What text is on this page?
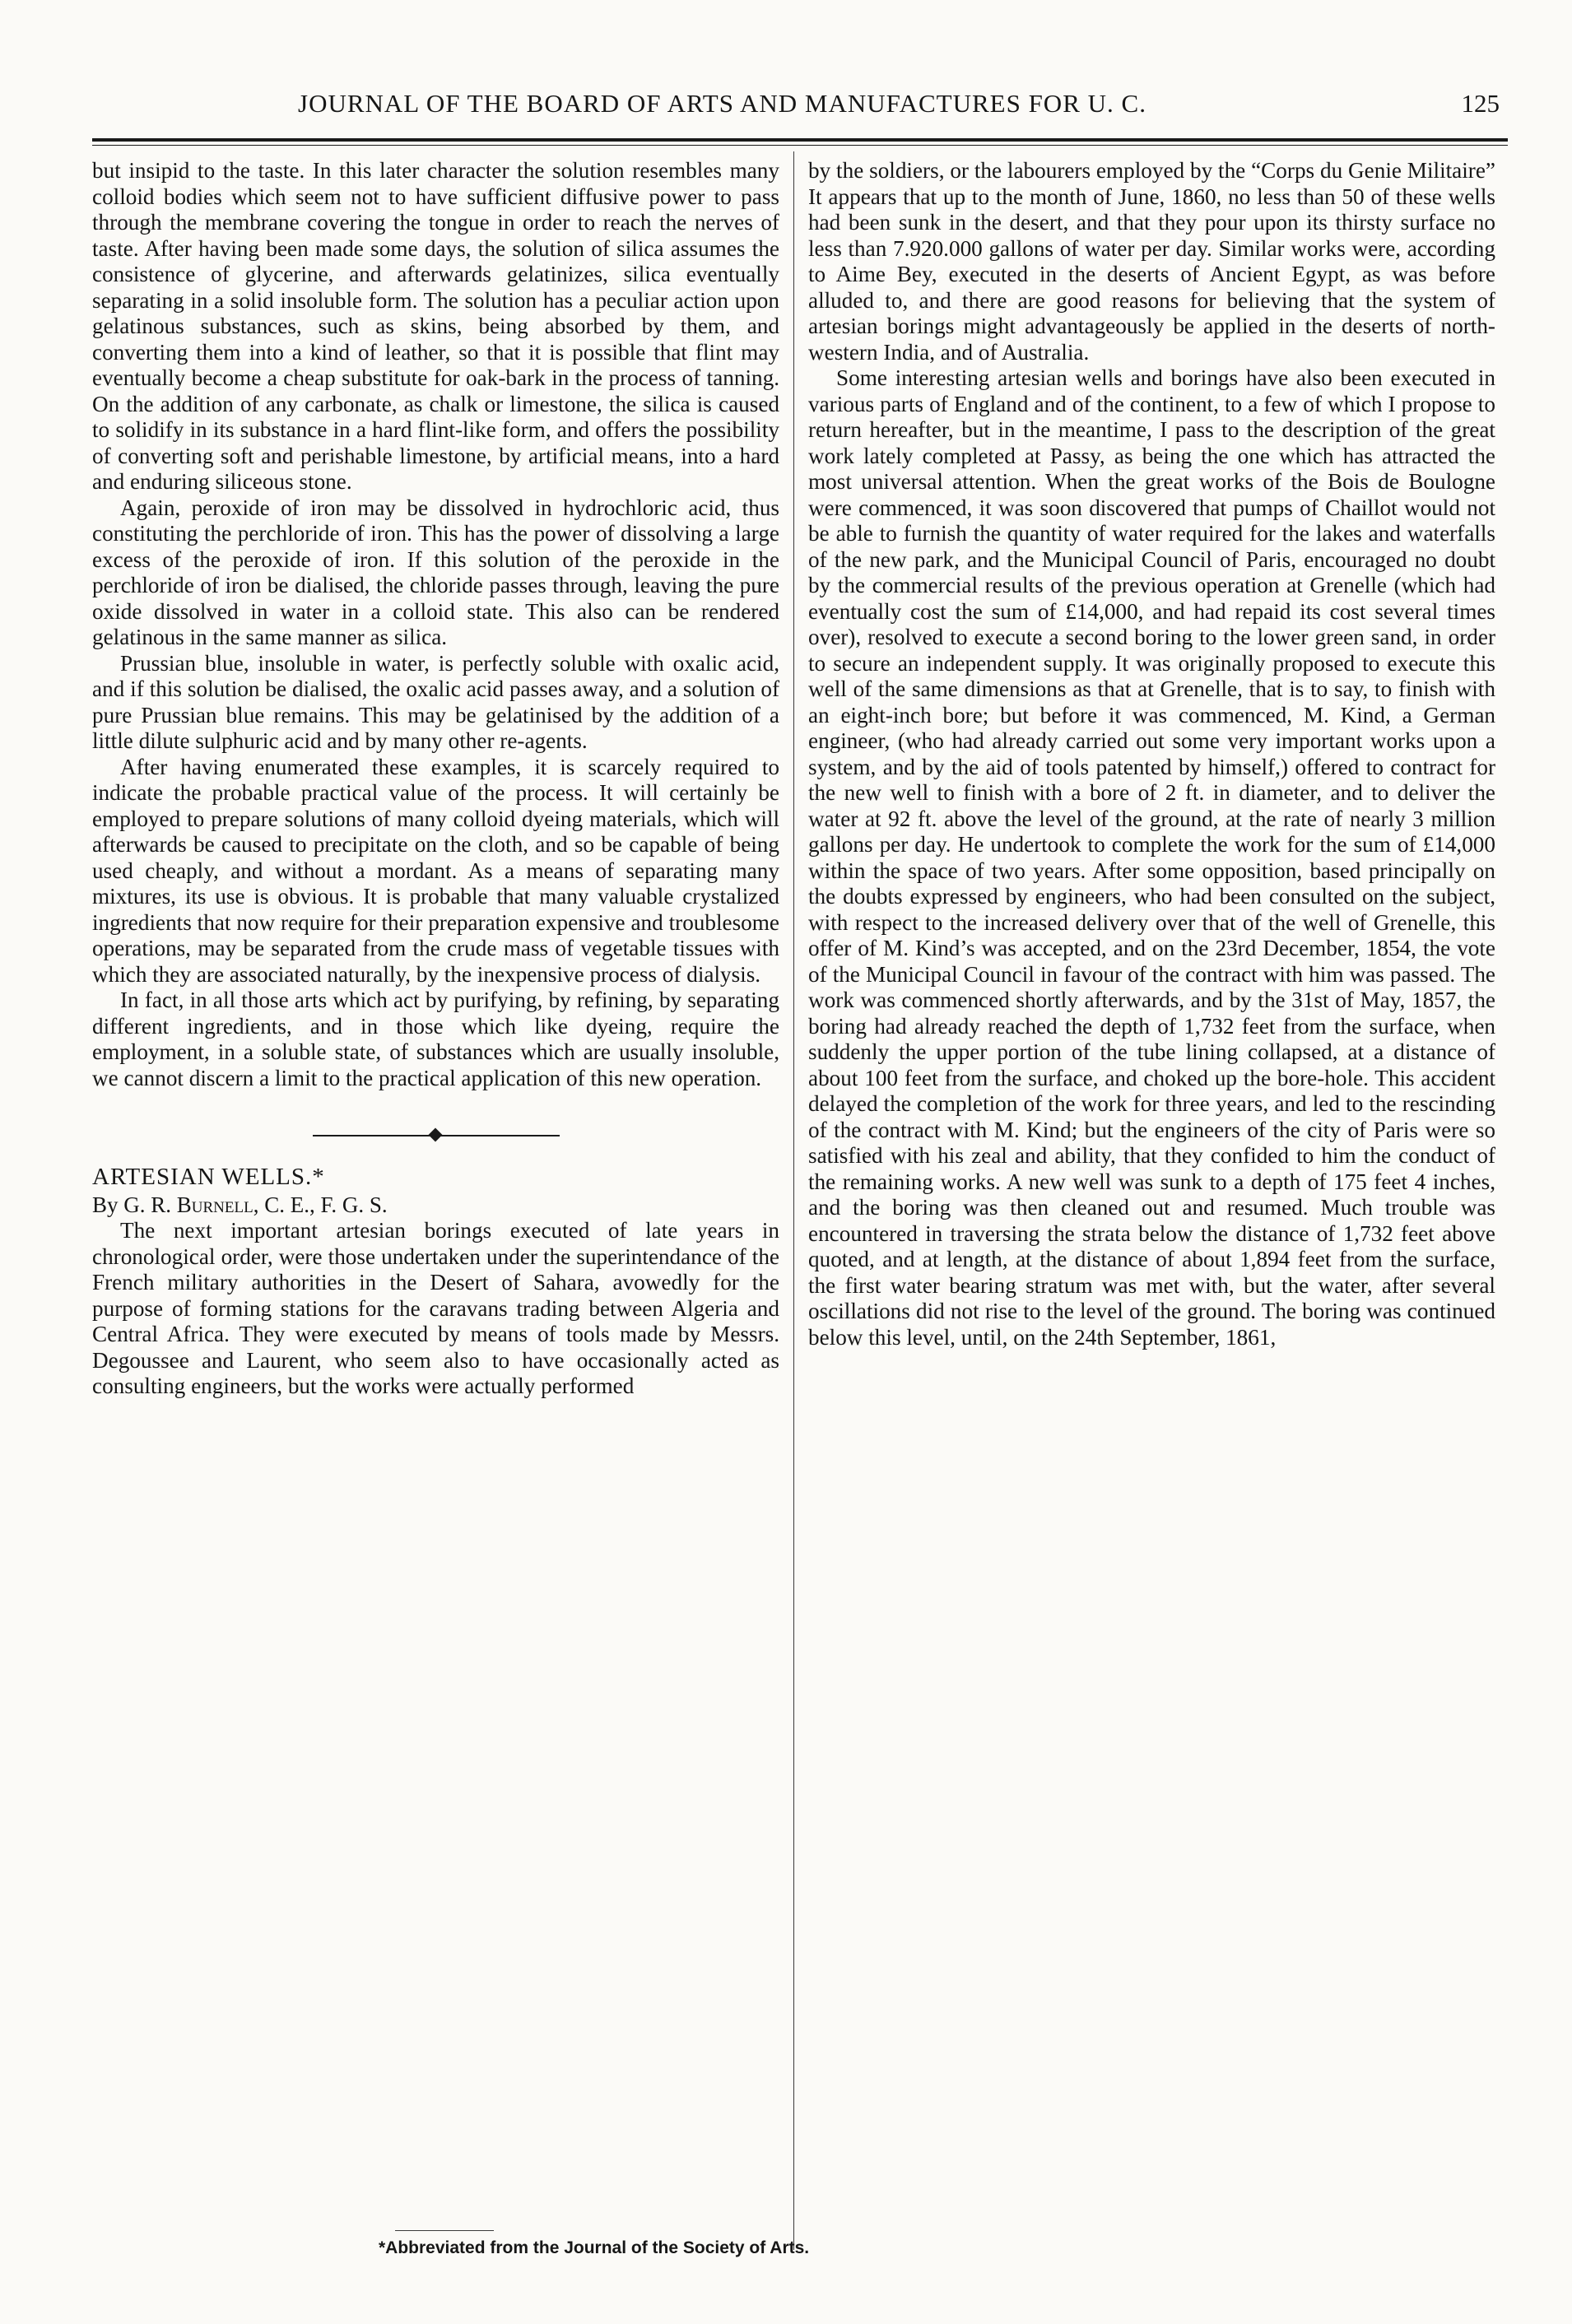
JOURNAL OF THE BOARD OF ARTS AND MANUFACTURES FOR U. C.	125

but insipid to the taste. In this later character the solution resembles many colloid bodies which seem not to have sufficient diffusive power to pass through the membrane covering the tongue in order to reach the nerves of taste. After having been made some days, the solution of silica assumes the consistence of glycerine, and afterwards gelatinizes, silica eventually separating in a solid insoluble form. The solution has a peculiar action upon gelatinous substances, such as skins, being absorbed by them, and converting them into a kind of leather, so that it is possible that flint may eventually become a cheap substitute for oak-bark in the process of tanning. On the addition of any carbonate, as chalk or limestone, the silica is caused to solidify in its substance in a hard flint-like form, and offers the possibility of converting soft and perishable limestone, by artificial means, into a hard and enduring siliceous stone.

Again, peroxide of iron may be dissolved in hydrochloric acid, thus constituting the perchloride of iron. This has the power of dissolving a large excess of the peroxide of iron. If this solution of the peroxide in the perchloride of iron be dialised, the chloride passes through, leaving the pure oxide dissolved in water in a colloid state. This also can be rendered gelatinous in the same manner as silica.

Prussian blue, insoluble in water, is perfectly soluble with oxalic acid, and if this solution be dialised, the oxalic acid passes away, and a solution of pure Prussian blue remains. This may be gelatinised by the addition of a little dilute sulphuric acid and by many other re-agents.

After having enumerated these examples, it is scarcely required to indicate the probable practical value of the process. It will certainly be employed to prepare solutions of many colloid dyeing materials, which will afterwards be caused to precipitate on the cloth, and so be capable of being used cheaply, and without a mordant. As a means of separating many mixtures, its use is obvious. It is probable that many valuable crystalized ingredients that now require for their preparation expensive and troublesome operations, may be separated from the crude mass of vegetable tissues with which they are associated naturally, by the inexpensive process of dialysis.

In fact, in all those arts which act by purifying, by refining, by separating different ingredients, and in those which like dyeing, require the employment, in a soluble state, of substances which are usually insoluble, we cannot discern a limit to the practical application of this new operation.

ARTESIAN WELLS.*

By G. R. Burnell, C. E., F. G. S.

The next important artesian borings executed of late years in chronological order, were those undertaken under the superintendance of the French military authorities in the Desert of Sahara, avowedly for the purpose of forming stations for the caravans trading between Algeria and Central Africa. They were executed by means of tools made by Messrs. Degoussee and Laurent, who seem also to have occasionally acted as consulting engineers, but the works were actually performed

by the soldiers, or the labourers employed by the “Corps du Genie Militaire” It appears that up to the month of June, 1860, no less than 50 of these wells had been sunk in the desert, and that they pour upon its thirsty surface no less than 7.920.000 gallons of water per day. Similar works were, according to Aime Bey, executed in the deserts of Ancient Egypt, as was before alluded to, and there are good reasons for believing that the system of artesian borings might advantageously be applied in the deserts of north-western India, and of Australia.

Some interesting artesian wells and borings have also been executed in various parts of England and of the continent, to a few of which I propose to return hereafter, but in the meantime, I pass to the description of the great work lately completed at Passy, as being the one which has attracted the most universal attention. When the great works of the Bois de Boulogne were commenced, it was soon discovered that pumps of Chaillot would not be able to furnish the quantity of water required for the lakes and waterfalls of the new park, and the Municipal Council of Paris, encouraged no doubt by the commercial results of the previous operation at Grenelle (which had eventually cost the sum of £14,000, and had repaid its cost several times over), resolved to execute a second boring to the lower green sand, in order to secure an independent supply. It was originally proposed to execute this well of the same dimensions as that at Grenelle, that is to say, to finish with an eight-inch bore; but before it was commenced, M. Kind, a German engineer, (who had already carried out some very important works upon a system, and by the aid of tools patented by himself,) offered to contract for the new well to finish with a bore of 2 ft. in diameter, and to deliver the water at 92 ft. above the level of the ground, at the rate of nearly 3 million gallons per day. He undertook to complete the work for the sum of £14,000 within the space of two years. After some opposition, based principally on the doubts expressed by engineers, who had been consulted on the subject, with respect to the increased delivery over that of the well of Grenelle, this offer of M. Kind’s was accepted, and on the 23rd December, 1854, the vote of the Municipal Council in favour of the contract with him was passed. The work was commenced shortly afterwards, and by the 31st of May, 1857, the boring had already reached the depth of 1,732 feet from the surface, when suddenly the upper portion of the tube lining collapsed, at a distance of about 100 feet from the surface, and choked up the bore-hole. This accident delayed the completion of the work for three years, and led to the rescinding of the contract with M. Kind; but the engineers of the city of Paris were so satisfied with his zeal and ability, that they confided to him the conduct of the remaining works. A new well was sunk to a depth of 175 feet 4 inches, and the boring was then cleaned out and resumed. Much trouble was encountered in traversing the strata below the distance of 1,732 feet above quoted, and at length, at the distance of about 1,894 feet from the surface, the first water bearing stratum was met with, but the water, after several oscillations did not rise to the level of the ground. The boring was continued below this level, until, on the 24th September, 1861,

*Abbreviated from the Journal of the Society of Arts.
